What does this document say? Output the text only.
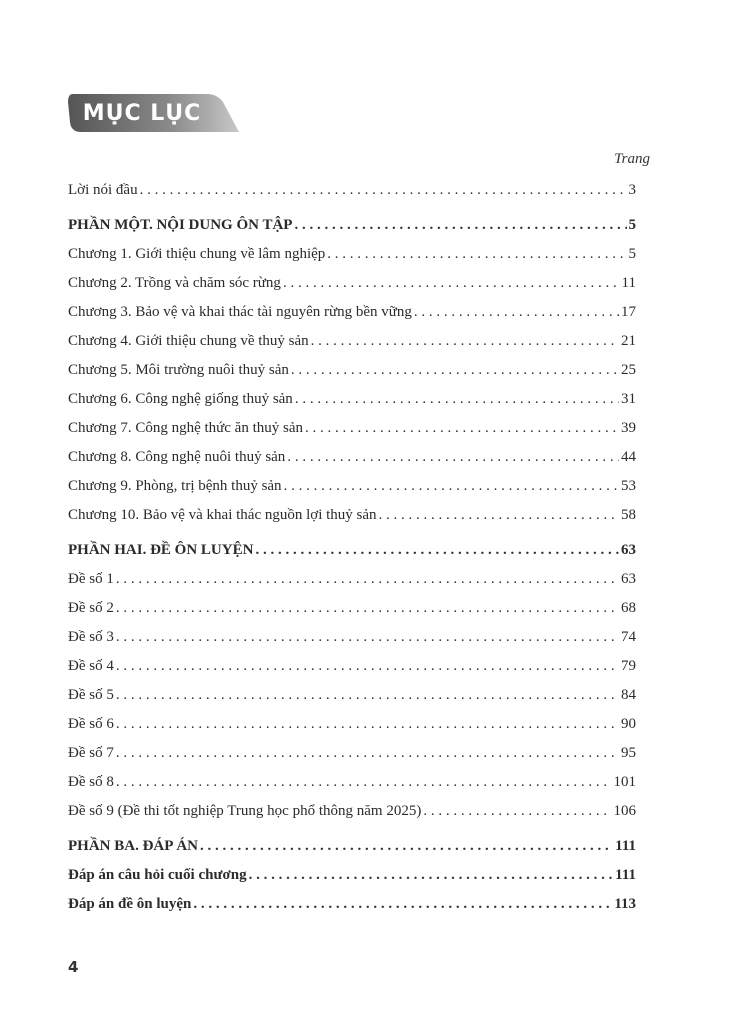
MỤC LỤC
Trang
Lời nói đầu . . .	3
PHẦN MỘT. NỘI DUNG ÔN TẬP . . .	5
Chương 1. Giới thiệu chung về lâm nghiệp . . .	5
Chương 2. Trồng và chăm sóc rừng . . .	11
Chương 3. Bảo vệ và khai thác tài nguyên rừng bền vững . . .	17
Chương 4. Giới thiệu chung về thuỷ sản . . .	21
Chương 5. Môi trường nuôi thuỷ sản . . .	25
Chương 6. Công nghệ giống thuỷ sản . . .	31
Chương 7. Công nghệ thức ăn thuỷ sản . . .	39
Chương 8. Công nghệ nuôi thuỷ sản . . .	44
Chương 9. Phòng, trị bệnh thuỷ sản . . .	53
Chương 10. Bảo vệ và khai thác nguồn lợi thuỷ sản . . .	58
PHẦN HAI. ĐỀ ÔN LUYỆN . . .	63
Đề số 1 . . .	63
Đề số 2 . . .	68
Đề số 3 . . .	74
Đề số 4 . . .	79
Đề số 5 . . .	84
Đề số 6 . . .	90
Đề số 7 . . .	95
Đề số 8 . . .	101
Đề số 9 (Đề thi tốt nghiệp Trung học phổ thông năm 2025) . . .	106
PHẦN BA. ĐÁP ÁN . . .	111
Đáp án câu hỏi cuối chương . . .	111
Đáp án đề ôn luyện . . .	113
4
